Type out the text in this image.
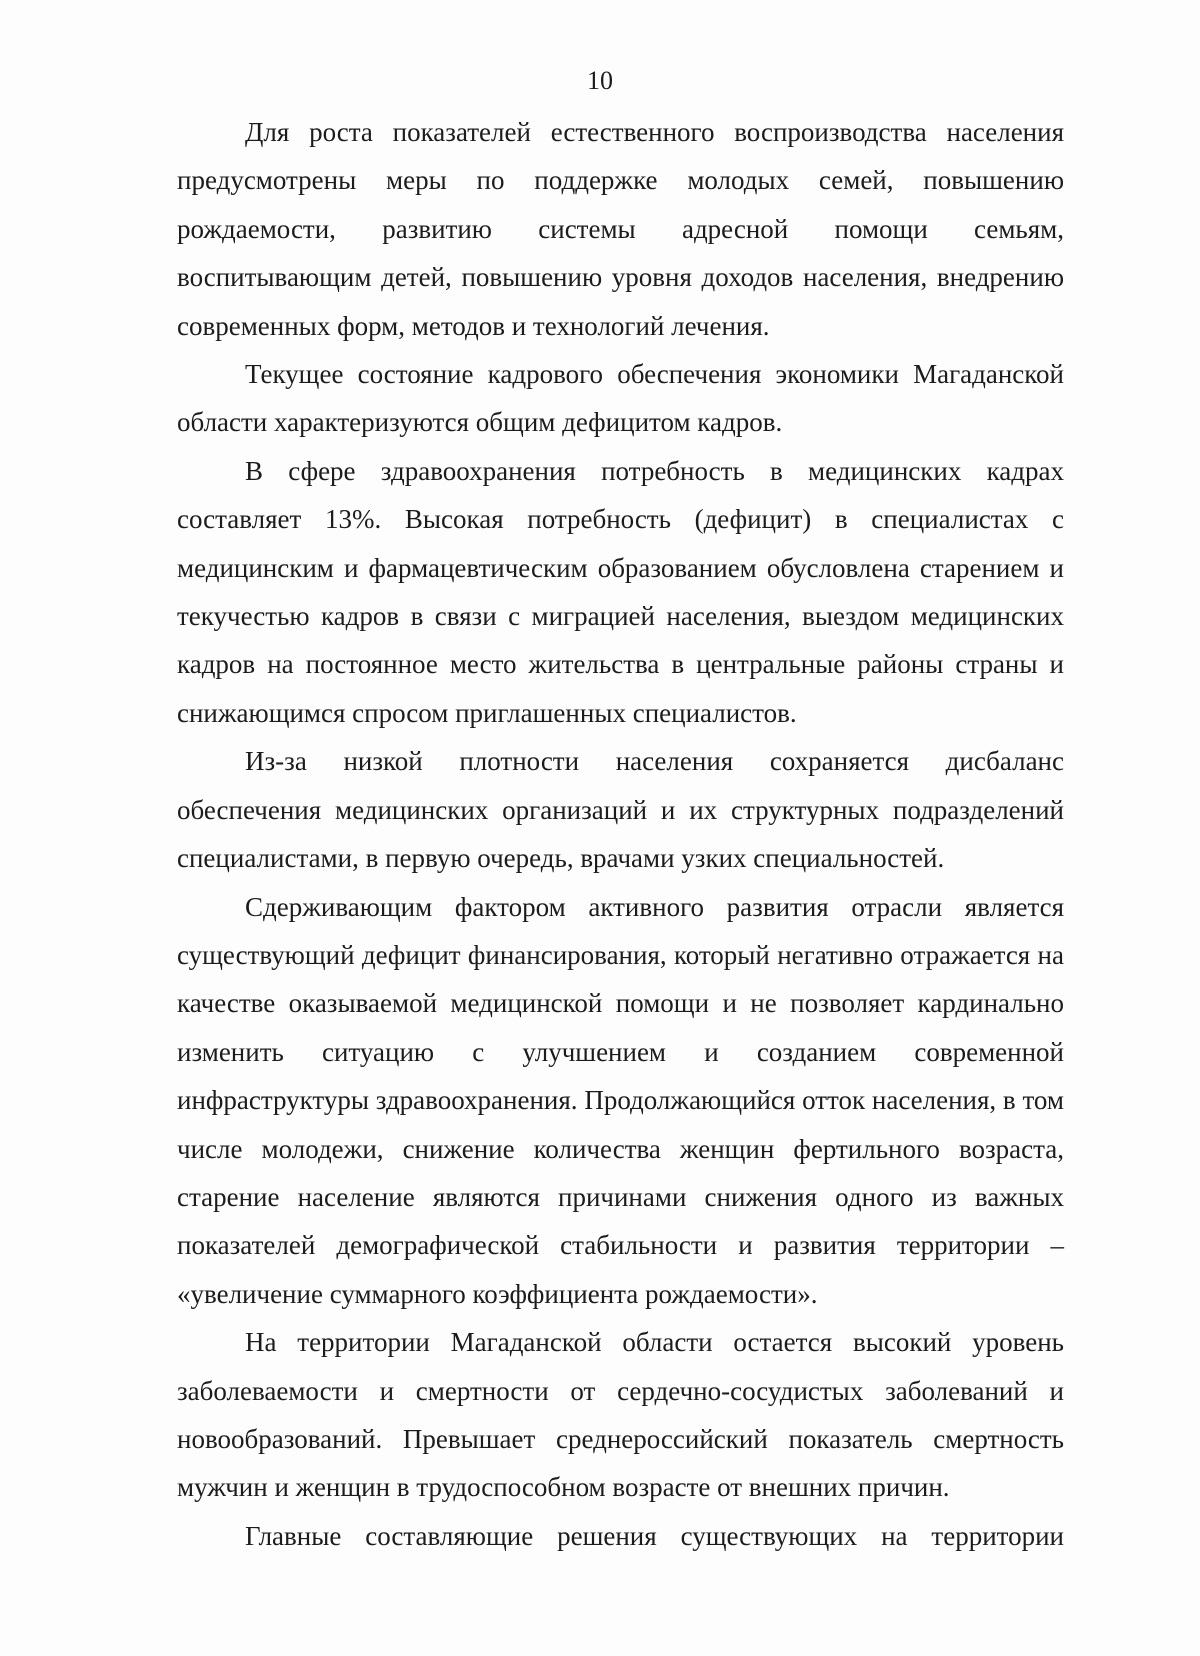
10

Для роста показателей естественного воспроизводства населения предусмотрены меры по поддержке молодых семей, повышению рождаемости, развитию системы адресной помощи семьям, воспитывающим детей, повышению уровня доходов населения, внедрению современных форм, методов и технологий лечения.

Текущее состояние кадрового обеспечения экономики Магаданской области характеризуются общим дефицитом кадров.

В сфере здравоохранения потребность в медицинских кадрах составляет 13%. Высокая потребность (дефицит) в специалистах с медицинским и фармацевтическим образованием обусловлена старением и текучестью кадров в связи с миграцией населения, выездом медицинских кадров на постоянное место жительства в центральные районы страны и снижающимся спросом приглашенных специалистов.

Из-за низкой плотности населения сохраняется дисбаланс обеспечения медицинских организаций и их структурных подразделений специалистами, в первую очередь, врачами узких специальностей.

Сдерживающим фактором активного развития отрасли является существующий дефицит финансирования, который негативно отражается на качестве оказываемой медицинской помощи и не позволяет кардинально изменить ситуацию с улучшением и созданием современной инфраструктуры здравоохранения. Продолжающийся отток населения, в том числе молодежи, снижение количества женщин фертильного возраста, старение население являются причинами снижения одного из важных показателей демографической стабильности и развития территории – «увеличение суммарного коэффициента рождаемости».

На территории Магаданской области остается высокий уровень заболеваемости и смертности от сердечно-сосудистых заболеваний и новообразований. Превышает среднероссийский показатель смертность мужчин и женщин в трудоспособном возрасте от внешних причин.

Главные составляющие решения существующих на территории
